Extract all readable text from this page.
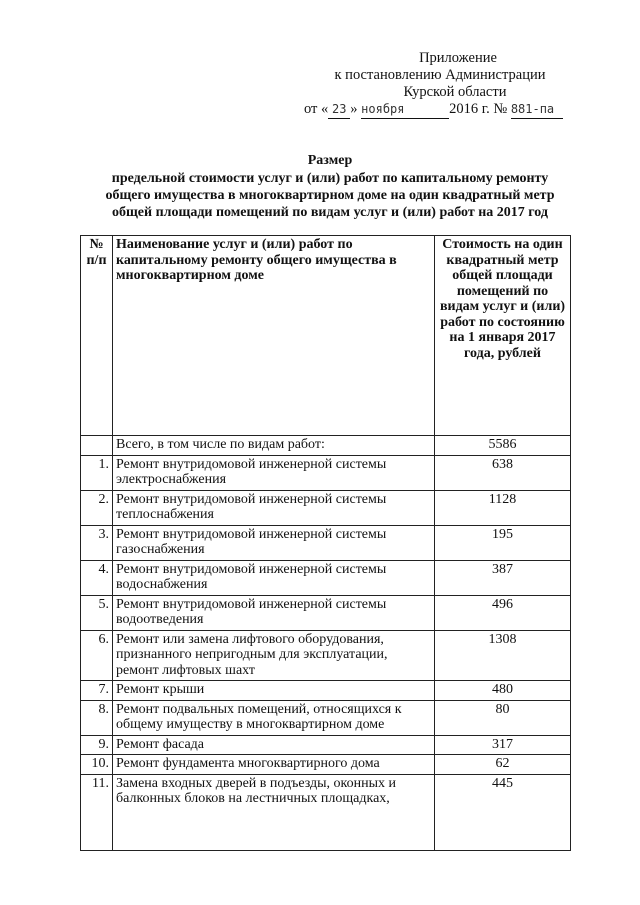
Приложение
к постановлению Администрации
Курской области
от « 23 » ноября	2016 г. № 881-па
Размер
предельной стоимости услуг и (или) работ по капитальному ремонту
общего имущества в многоквартирном доме на один квадратный метр
общей площади помещений по видам услуг и (или) работ на 2017 год
№ п/п	Наименование услуг и (или) работ по капитальному ремонту общего имущества в многоквартирном доме	Стоимость на один квадратный метр общей площади помещений по видам услуг и (или) работ по состоянию на 1 января 2017 года, рублей
	Всего, в том числе по видам работ:	5586
1.	Ремонт внутридомовой инженерной системы электроснабжения	638
2.	Ремонт внутридомовой инженерной системы теплоснабжения	1128
3.	Ремонт внутридомовой инженерной системы газоснабжения	195
4.	Ремонт внутридомовой инженерной системы водоснабжения	387
5.	Ремонт внутридомовой инженерной системы водоотведения	496
6.	Ремонт или замена лифтового оборудования, признанного непригодным для эксплуатации, ремонт лифтовых шахт	1308
7.	Ремонт крыши	480
8.	Ремонт подвальных помещений, относящихся к общему имуществу в многоквартирном доме	80
9.	Ремонт фасада	317
10.	Ремонт фундамента многоквартирного дома	62
11.	Замена входных дверей в подъезды, оконных и балконных блоков на лестничных площадках,	445
